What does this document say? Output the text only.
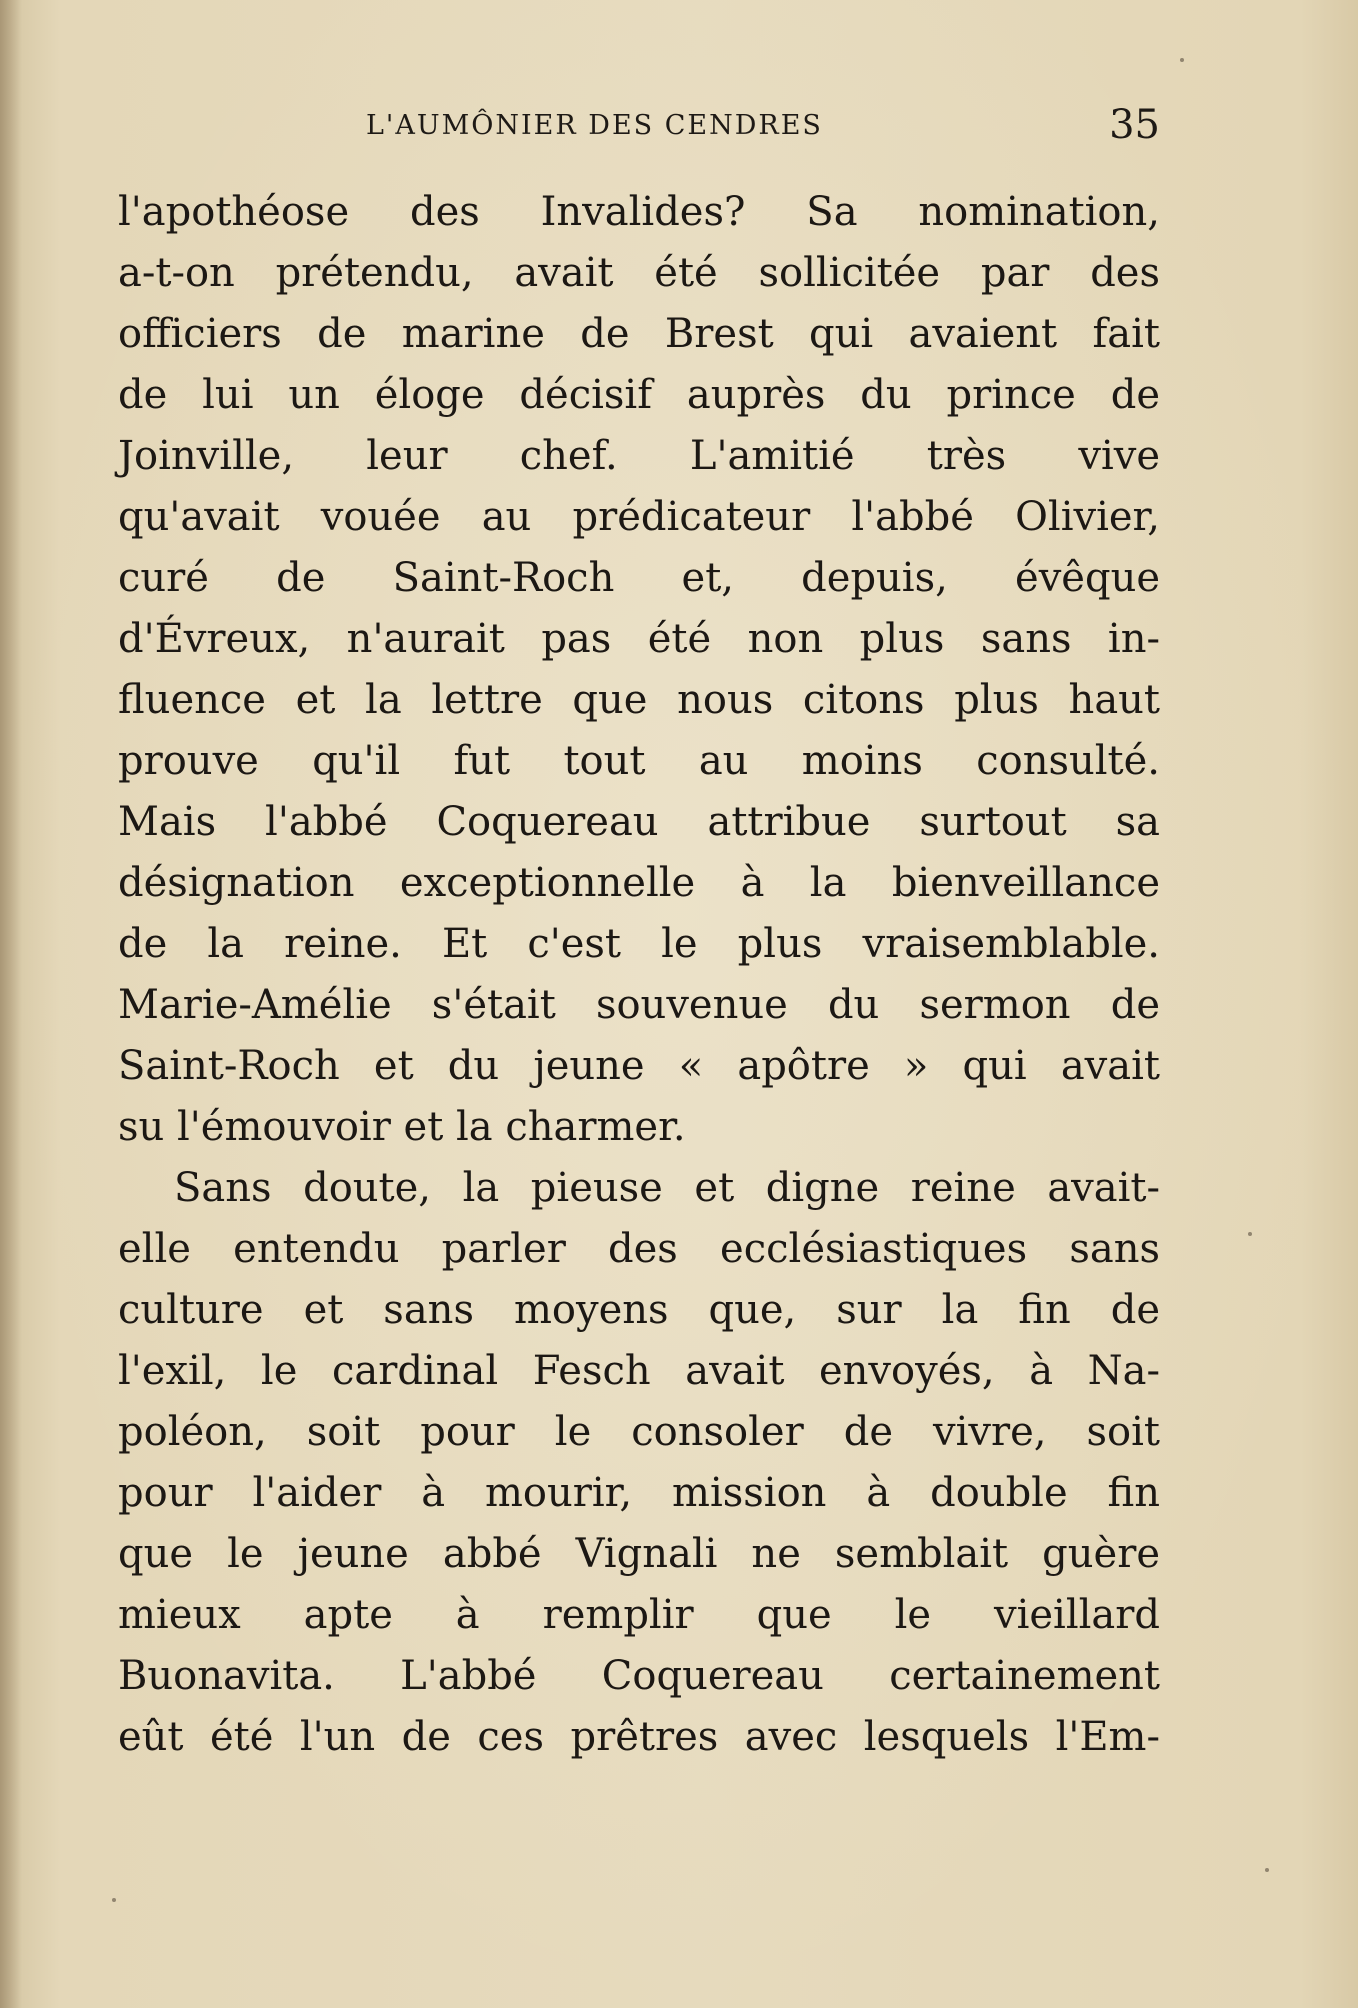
L'AUMÔNIER DES CENDRES	35
l'apothéose des Invalides? Sa nomination,
a-t-on prétendu, avait été sollicitée par des
officiers de marine de Brest qui avaient fait
de lui un éloge décisif auprès du prince de
Joinville, leur chef. L'amitié très vive
qu'avait vouée au prédicateur l'abbé Olivier,
curé de Saint-Roch et, depuis, évêque
d'Évreux, n'aurait pas été non plus sans in-
fluence et la lettre que nous citons plus haut
prouve qu'il fut tout au moins consulté.
Mais l'abbé Coquereau attribue surtout sa
désignation exceptionnelle à la bienveillance
de la reine. Et c'est le plus vraisemblable.
Marie-Amélie s'était souvenue du sermon de
Saint-Roch et du jeune « apôtre » qui avait
su l'émouvoir et la charmer.
Sans doute, la pieuse et digne reine avait-
elle entendu parler des ecclésiastiques sans
culture et sans moyens que, sur la fin de
l'exil, le cardinal Fesch avait envoyés, à Na-
poléon, soit pour le consoler de vivre, soit
pour l'aider à mourir, mission à double fin
que le jeune abbé Vignali ne semblait guère
mieux apte à remplir que le vieillard
Buonavita. L'abbé Coquereau certainement
eût été l'un de ces prêtres avec lesquels l'Em-
